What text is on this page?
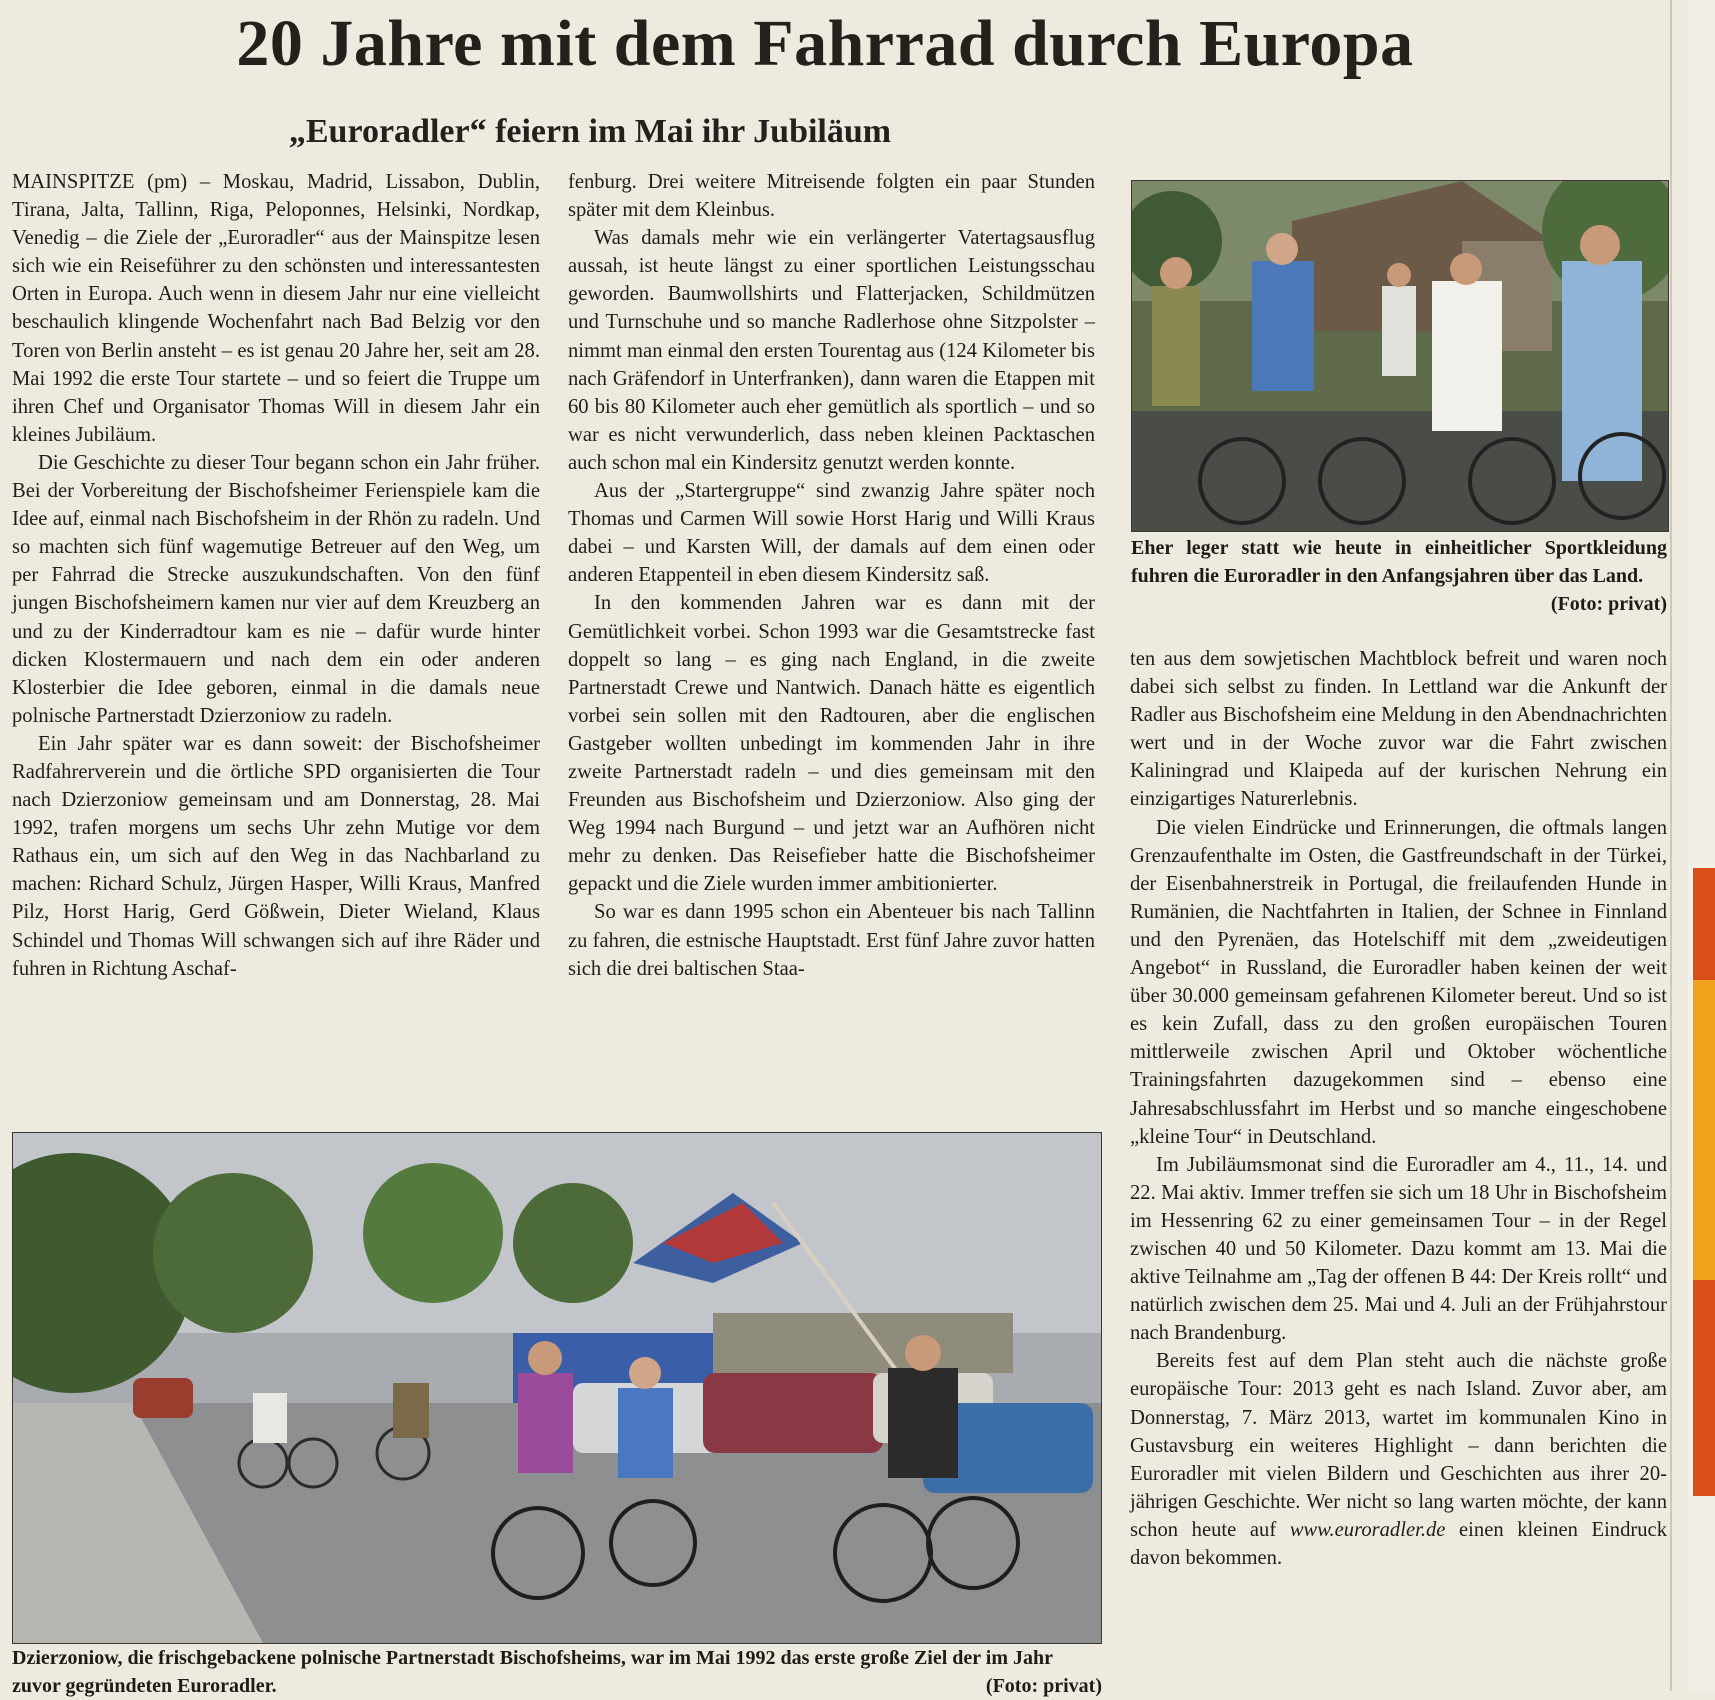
20 Jahre mit dem Fahrrad durch Europa
„Euroradler“ feiern im Mai ihr Jubiläum

MAINSPITZE (pm) – Moskau, Madrid, Lissabon, Dublin, Tirana, Jalta, Tallinn, Riga, Peloponnes, Helsinki, Nordkap, Venedig – die Ziele der „Euroradler“ aus der Mainspitze lesen sich wie ein Reiseführer zu den schönsten und interessantesten Orten in Europa. Auch wenn in diesem Jahr nur eine vielleicht beschaulich klingende Wochenfahrt nach Bad Belzig vor den Toren von Berlin ansteht – es ist genau 20 Jahre her, seit am 28. Mai 1992 die erste Tour startete – und so feiert die Truppe um ihren Chef und Organisator Thomas Will in diesem Jahr ein kleines Jubiläum.

Die Geschichte zu dieser Tour begann schon ein Jahr früher. Bei der Vorbereitung der Bischofsheimer Ferienspiele kam die Idee auf, einmal nach Bischofsheim in der Rhön zu radeln. Und so machten sich fünf wagemutige Betreuer auf den Weg, um per Fahrrad die Strecke auszukundschaften. Von den fünf jungen Bischofsheimern kamen nur vier auf dem Kreuzberg an und zu der Kinderradtour kam es nie – dafür wurde hinter dicken Klostermauern und nach dem ein oder anderen Klosterbier die Idee geboren, einmal in die damals neue polnische Partnerstadt Dzierzoniow zu radeln.

Ein Jahr später war es dann soweit: der Bischofsheimer Radfahrerverein und die örtliche SPD organisierten die Tour nach Dzierzoniow gemeinsam und am Donnerstag, 28. Mai 1992, trafen morgens um sechs Uhr zehn Mutige vor dem Rathaus ein, um sich auf den Weg in das Nachbarland zu machen: Richard Schulz, Jürgen Hasper, Willi Kraus, Manfred Pilz, Horst Harig, Gerd Gößwein, Dieter Wieland, Klaus Schindel und Thomas Will schwangen sich auf ihre Räder und fuhren in Richtung Aschaf-

fenburg. Drei weitere Mitreisende folgten ein paar Stunden später mit dem Kleinbus.

Was damals mehr wie ein verlängerter Vatertagsausflug aussah, ist heute längst zu einer sportlichen Leistungsschau geworden. Baumwollshirts und Flatterjacken, Schildmützen und Turnschuhe und so manche Radlerhose ohne Sitzpolster – nimmt man einmal den ersten Tourentag aus (124 Kilometer bis nach Gräfendorf in Unterfranken), dann waren die Etappen mit 60 bis 80 Kilometer auch eher gemütlich als sportlich – und so war es nicht verwunderlich, dass neben kleinen Packtaschen auch schon mal ein Kindersitz genutzt werden konnte.

Aus der „Startergruppe“ sind zwanzig Jahre später noch Thomas und Carmen Will sowie Horst Harig und Willi Kraus dabei – und Karsten Will, der damals auf dem einen oder anderen Etappenteil in eben diesem Kindersitz saß.

In den kommenden Jahren war es dann mit der Gemütlichkeit vorbei. Schon 1993 war die Gesamtstrecke fast doppelt so lang – es ging nach England, in die zweite Partnerstadt Crewe und Nantwich. Danach hätte es eigentlich vorbei sein sollen mit den Radtouren, aber die englischen Gastgeber wollten unbedingt im kommenden Jahr in ihre zweite Partnerstadt radeln – und dies gemeinsam mit den Freunden aus Bischofsheim und Dzierzoniow. Also ging der Weg 1994 nach Burgund – und jetzt war an Aufhören nicht mehr zu denken. Das Reisefieber hatte die Bischofsheimer gepackt und die Ziele wurden immer ambitionierter.

So war es dann 1995 schon ein Abenteuer bis nach Tallinn zu fahren, die estnische Hauptstadt. Erst fünf Jahre zuvor hatten sich die drei baltischen Staa-

Eher leger statt wie heute in einheitlicher Sportkleidung fuhren die Euroradler in den Anfangsjahren über das Land.
(Foto: privat)

ten aus dem sowjetischen Machtblock befreit und waren noch dabei sich selbst zu finden. In Lettland war die Ankunft der Radler aus Bischofsheim eine Meldung in den Abendnachrichten wert und in der Woche zuvor war die Fahrt zwischen Kaliningrad und Klaipeda auf der kurischen Nehrung ein einzigartiges Naturerlebnis.

Die vielen Eindrücke und Erinnerungen, die oftmals langen Grenzaufenthalte im Osten, die Gastfreundschaft in der Türkei, der Eisenbahnerstreik in Portugal, die freilaufenden Hunde in Rumänien, die Nachtfahrten in Italien, der Schnee in Finnland und den Pyrenäen, das Hotelschiff mit dem „zweideutigen Angebot“ in Russland, die Euroradler haben keinen der weit über 30.000 gemeinsam gefahrenen Kilometer bereut. Und so ist es kein Zufall, dass zu den großen europäischen Touren mittlerweile zwischen April und Oktober wöchentliche Trainingsfahrten dazugekommen sind – ebenso eine Jahresabschlussfahrt im Herbst und so manche eingeschobene „kleine Tour“ in Deutschland.

Im Jubiläumsmonat sind die Euroradler am 4., 11., 14. und 22. Mai aktiv. Immer treffen sie sich um 18 Uhr in Bischofsheim im Hessenring 62 zu einer gemeinsamen Tour – in der Regel zwischen 40 und 50 Kilometer. Dazu kommt am 13. Mai die aktive Teilnahme am „Tag der offenen B 44: Der Kreis rollt“ und natürlich zwischen dem 25. Mai und 4. Juli an der Frühjahrstour nach Brandenburg.

Bereits fest auf dem Plan steht auch die nächste große europäische Tour: 2013 geht es nach Island. Zuvor aber, am Donnerstag, 7. März 2013, wartet im kommunalen Kino in Gustavsburg ein weiteres Highlight – dann berichten die Euroradler mit vielen Bildern und Geschichten aus ihrer 20-jährigen Geschichte. Wer nicht so lang warten möchte, der kann schon heute auf www.euroradler.de einen kleinen Eindruck davon bekommen.

Dzierzoniow, die frischgebackene polnische Partnerstadt Bischofsheims, war im Mai 1992 das erste große Ziel der im Jahr zuvor gegründeten Euroradler.	(Foto: privat)
